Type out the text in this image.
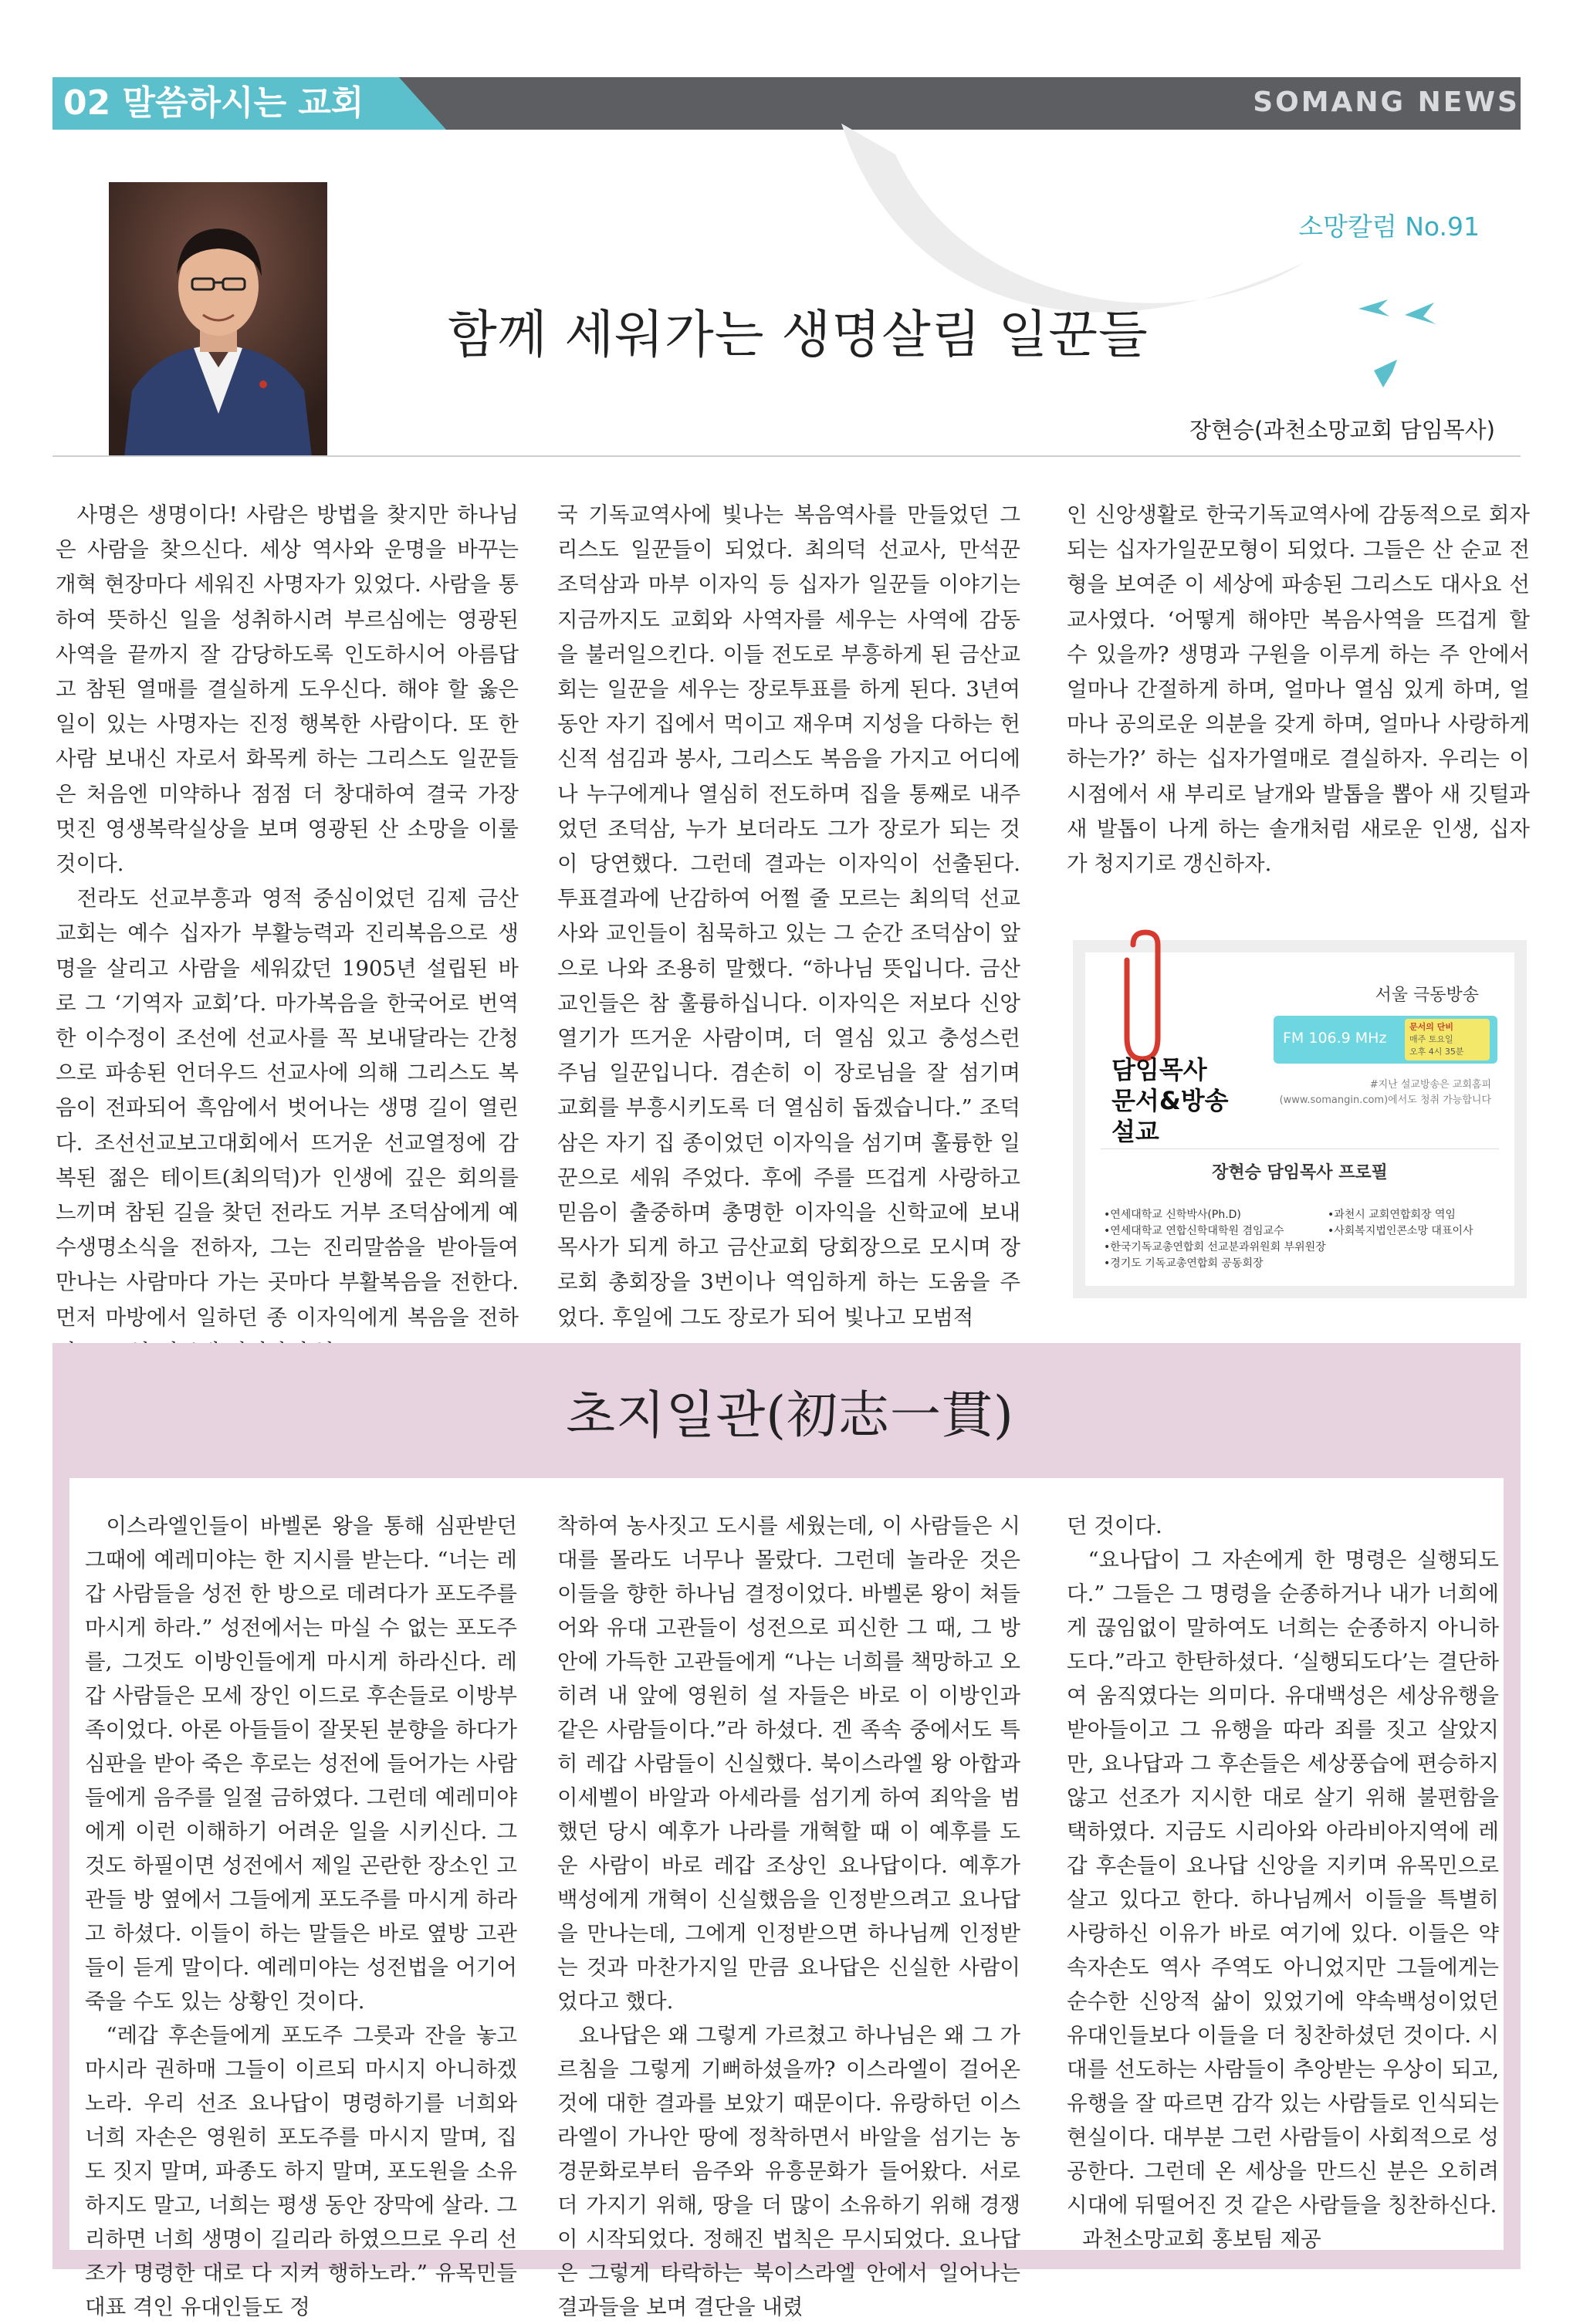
02 말씀하시는 교회	SOMANG NEWS
소망칼럼 No.91
함께 세워가는 생명살림 일꾼들
장현승(과천소망교회 담임목사)

사명은 생명이다! 사람은 방법을 찾지만 하나님은 사람을 찾으신다. 세상 역사와 운명을 바꾸는 개혁 현장마다 세워진 사명자가 있었다. 사람을 통하여 뜻하신 일을 성취하시려 부르심에는 영광된 사역을 끝까지 잘 감당하도록 인도하시어 아름답고 참된 열매를 결실하게 도우신다. 해야 할 옳은 일이 있는 사명자는 진정 행복한 사람이다. 또 한 사람 보내신 자로서 화목케 하는 그리스도 일꾼들은 처음엔 미약하나 점점 더 창대하여 결국 가장 멋진 영생복락실상을 보며 영광된 산 소망을 이룰 것이다.

전라도 선교부흥과 영적 중심이었던 김제 금산교회는 예수 십자가 부활능력과 진리복음으로 생명을 살리고 사람을 세워갔던 1905년 설립된 바로 그 ‘기역자 교회’다. 마가복음을 한국어로 번역한 이수정이 조선에 선교사를 꼭 보내달라는 간청으로 파송된 언더우드 선교사에 의해 그리스도 복음이 전파되어 흑암에서 벗어나는 생명 길이 열린다. 조선선교보고대회에서 뜨거운 선교열정에 감복된 젊은 테이트(최의덕)가 인생에 깊은 회의를 느끼며 참된 길을 찾던 전라도 거부 조덕삼에게 예수생명소식을 전하자, 그는 진리말씀을 받아들여 만나는 사람마다 가는 곳마다 부활복음을 전한다. 먼저 마방에서 일하던 종 이자익에게 복음을 전하

국 기독교역사에 빛나는 복음역사를 만들었던 그리스도 일꾼들이 되었다. 최의덕 선교사, 만석꾼 조덕삼과 마부 이자익 등 십자가 일꾼들 이야기는 지금까지도 교회와 사역자를 세우는 사역에 감동을 불러일으킨다. 이들 전도로 부흥하게 된 금산교회는 일꾼을 세우는 장로투표를 하게 된다. 3년여 동안 자기 집에서 먹이고 재우며 지성을 다하는 헌신적 섬김과 봉사, 그리스도 복음을 가지고 어디에나 누구에게나 열심히 전도하며 집을 통째로 내주었던 조덕삼, 누가 보더라도 그가 장로가 되는 것이 당연했다. 그런데 결과는 이자익이 선출된다. 투표결과에 난감하여 어쩔 줄 모르는 최의덕 선교사와 교인들이 침묵하고 있는 그 순간 조덕삼이 앞으로 나와 조용히 말했다. “하나님 뜻입니다. 금산교인들은 참 훌륭하십니다. 이자익은 저보다 신앙열기가 뜨거운 사람이며, 더 열심 있고 충성스런 주님 일꾼입니다. 겸손히 이 장로님을 잘 섬기며 교회를 부흥시키도록 더 열심히 돕겠습니다.” 조덕삼은 자기 집 종이었던 이자익을 섬기며 훌륭한 일꾼으로 세워 주었다. 후에 주를 뜨겁게 사랑하고 믿음이 출중하며 총명한 이자익을 신학교에 보내 목사가 되게 하고 금산교회 당회장으로 모시며 장로회 총회장을 3번이나 역임하게 하는 도움을 주었다. 후일에 그도 장로가 되어 빛나고 모범적

인 신앙생활로 한국기독교역사에 감동적으로 회자되는 십자가일꾼모형이 되었다. 그들은 산 순교 전형을 보여준 이 세상에 파송된 그리스도 대사요 선교사였다. ‘어떻게 해야만 복음사역을 뜨겁게 할 수 있을까? 생명과 구원을 이루게 하는 주 안에서 얼마나 간절하게 하며, 얼마나 열심 있게 하며, 얼마나 공의로운 의분을 갖게 하며, 얼마나 사랑하게 하는가?’ 하는 십자가열매로 결실하자. 우리는 이 시점에서 새 부리로 날개와 발톱을 뽑아 새 깃털과 새 발톱이 나게 하는 솔개처럼 새로운 인생, 십자가 청지기로 갱신하자.

서울 극동방송
FM 106.9 MHz
문서의 단비
매주 토요일
오후 4시 35분
담임목사
문서&방송
설교
#지난 설교방송은 교회홈피
(www.somangin.com)에서도 청취 가능합니다
장현승 담임목사 프로필
•연세대학교 신학박사(Ph.D)	•과천시 교회연합회장 역임
•연세대학교 연합신학대학원 겸임교수	•사회복지법인콘소망 대표이사
•한국기독교총연합회 선교분과위원회 부위원장
•경기도 기독교총연합회 공동회장
초지일관(初志一貫)

이스라엘인들이 바벨론 왕을 통해 심판받던 그때에 예레미야는 한 지시를 받는다. “너는 레갑 사람들을 성전 한 방으로 데려다가 포도주를 마시게 하라.” 성전에서는 마실 수 없는 포도주를, 그것도 이방인들에게 마시게 하라신다. 레갑 사람들은 모세 장인 이드로 후손들로 이방부족이었다. 아론 아들들이 잘못된 분향을 하다가 심판을 받아 죽은 후로는 성전에 들어가는 사람들에게 음주를 일절 금하였다. 그런데 예레미야에게 이런 이해하기 어려운 일을 시키신다. 그것도 하필이면 성전에서 제일 곤란한 장소인 고관들 방 옆에서 그들에게 포도주를 마시게 하라고 하셨다. 이들이 하는 말들은 바로 옆방 고관들이 듣게 말이다. 예레미야는 성전법을 어기어 죽을 수도 있는 상황인 것이다.

“레갑 후손들에게 포도주 그릇과 잔을 놓고 마시라 권하매 그들이 이르되 마시지 아니하겠노라. 우리 선조 요나답이 명령하기를 너희와 너희 자손은 영원히 포도주를 마시지 말며, 집도 짓지 말며, 파종도 하지 말며, 포도원을 소유하지도 말고, 너희는 평생 동안 장막에 살라. 그리하면 너희 생명이 길리라 하였으므로 우리 선조가 명령한 대로 다 지켜 행하노라.” 유목민들 대표 격인 유대인들도 정

착하여 농사짓고 도시를 세웠는데, 이 사람들은 시대를 몰라도 너무나 몰랐다. 그런데 놀라운 것은 이들을 향한 하나님 결정이었다. 바벨론 왕이 쳐들어와 유대 고관들이 성전으로 피신한 그 때, 그 방안에 가득한 고관들에게 “나는 너희를 책망하고 오히려 내 앞에 영원히 설 자들은 바로 이 이방인과 같은 사람들이다.”라 하셨다. 겐 족속 중에서도 특히 레갑 사람들이 신실했다. 북이스라엘 왕 아합과 이세벨이 바알과 아세라를 섬기게 하여 죄악을 범했던 당시 예후가 나라를 개혁할 때 이 예후를 도운 사람이 바로 레갑 조상인 요나답이다. 예후가 백성에게 개혁이 신실했음을 인정받으려고 요나답을 만나는데, 그에게 인정받으면 하나님께 인정받는 것과 마찬가지일 만큼 요나답은 신실한 사람이었다고 했다.

요나답은 왜 그렇게 가르쳤고 하나님은 왜 그 가르침을 그렇게 기뻐하셨을까? 이스라엘이 걸어온 것에 대한 결과를 보았기 때문이다. 유랑하던 이스라엘이 가나안 땅에 정착하면서 바알을 섬기는 농경문화로부터 음주와 유흥문화가 들어왔다. 서로 더 가지기 위해, 땅을 더 많이 소유하기 위해 경쟁이 시작되었다. 정해진 법칙은 무시되었다. 요나답은 그렇게 타락하는 북이스라엘 안에서 일어나는 결과들을 보며 결단을 내렸

던 것이다.

“요나답이 그 자손에게 한 명령은 실행되도다.” 그들은 그 명령을 순종하거나 내가 너희에게 끊임없이 말하여도 너희는 순종하지 아니하도다.”라고 한탄하셨다. ‘실행되도다’는 결단하여 움직였다는 의미다. 유대백성은 세상유행을 받아들이고 그 유행을 따라 죄를 짓고 살았지만, 요나답과 그 후손들은 세상풍습에 편승하지 않고 선조가 지시한 대로 살기 위해 불편함을 택하였다. 지금도 시리아와 아라비아지역에 레갑 후손들이 요나답 신앙을 지키며 유목민으로 살고 있다고 한다. 하나님께서 이들을 특별히 사랑하신 이유가 바로 여기에 있다. 이들은 약속자손도 역사 주역도 아니었지만 그들에게는 순수한 신앙적 삶이 있었기에 약속백성이었던 유대인들보다 이들을 더 칭찬하셨던 것이다. 시대를 선도하는 사람들이 추앙받는 우상이 되고, 유행을 잘 따르면 감각 있는 사람들로 인식되는 현실이다. 대부분 그런 사람들이 사회적으로 성공한다. 그런데 온 세상을 만드신 분은 오히려 시대에 뒤떨어진 것 같은 사람들을 칭찬하신다.

과천소망교회 홍보팀 제공
